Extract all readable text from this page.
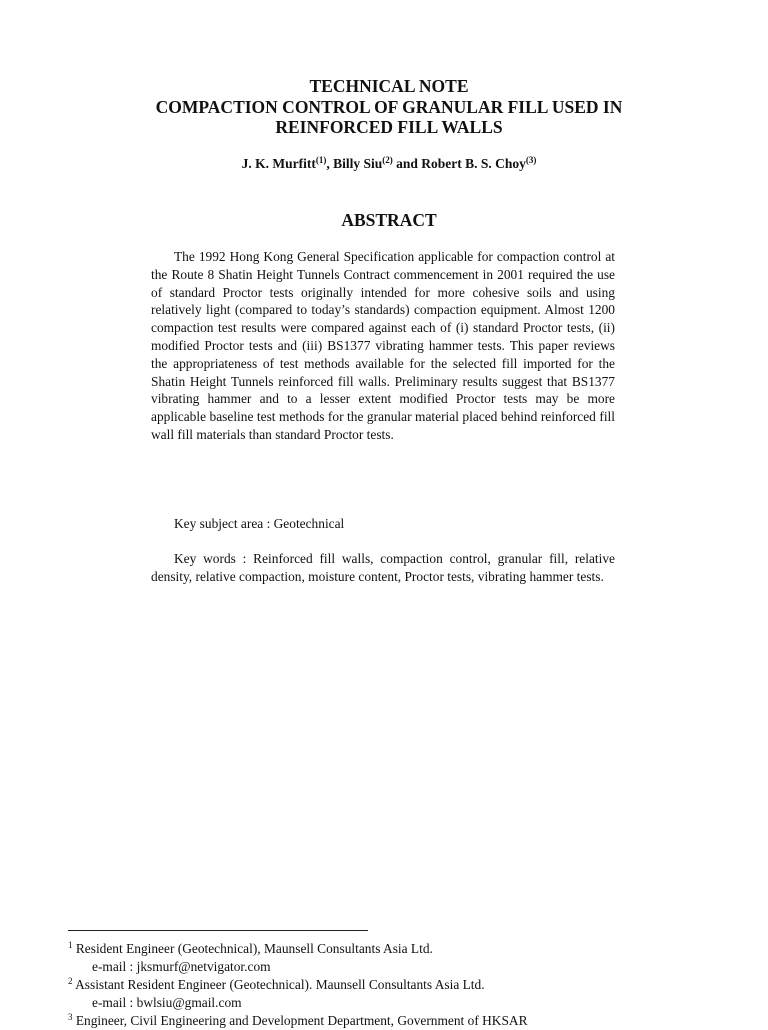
TECHNICAL NOTE
COMPACTION CONTROL OF GRANULAR FILL USED IN
REINFORCED FILL WALLS
J. K. Murfitt$^{(1)}$, Billy Siu$^{(2)}$ and Robert B. S. Choy$^{(3)}$
ABSTRACT

The 1992 Hong Kong General Specification applicable for compaction control at the Route 8 Shatin Height Tunnels Contract commencement in 2001 required the use of standard Proctor tests originally intended for more cohesive soils and using relatively light (compared to today’s standards) compaction equipment. Almost 1200 compaction test results were compared against each of (i) standard Proctor tests, (ii) modified Proctor tests and (iii) BS1377 vibrating hammer tests. This paper reviews the appropriateness of test methods available for the selected fill imported for the Shatin Height Tunnels reinforced fill walls. Preliminary results suggest that BS1377 vibrating hammer and to a lesser extent modified Proctor tests may be more applicable baseline test methods for the granular material placed behind reinforced fill wall fill materials than standard Proctor tests.

Key subject area : Geotechnical

Key words : Reinforced fill walls, compaction control, granular fill, relative density, relative compaction, moisture content, Proctor tests, vibrating hammer tests.

$^1$ Resident Engineer (Geotechnical), Maunsell Consultants Asia Ltd.
e-mail : jksmurf@netvigator.com
$^2$ Assistant Resident Engineer (Geotechnical). Maunsell Consultants Asia Ltd.
e-mail : bwlsiu@gmail.com
$^3$ Engineer, Civil Engineering and Development Department, Government of HKSAR
